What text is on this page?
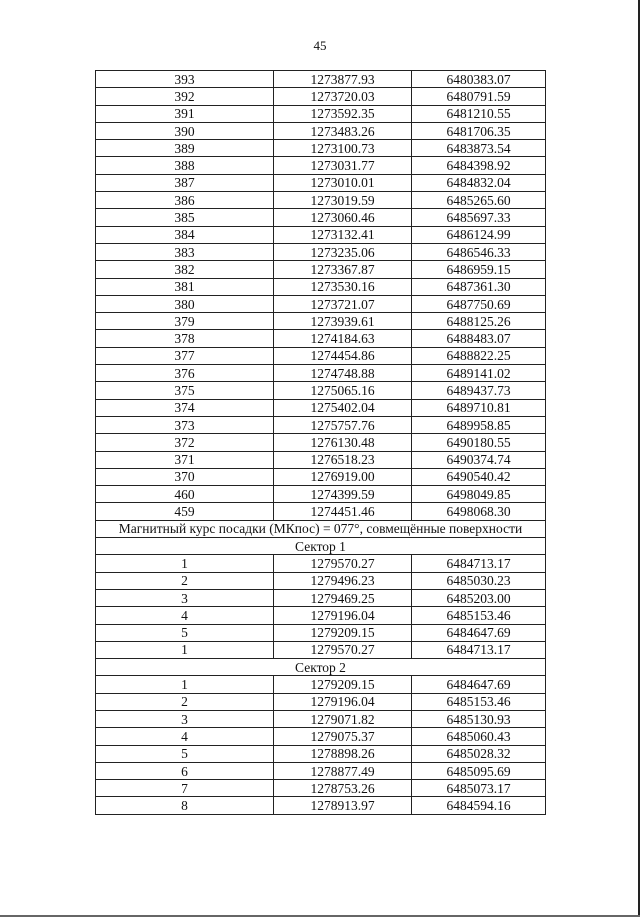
45
393	1273877.93	6480383.07
392	1273720.03	6480791.59
391	1273592.35	6481210.55
390	1273483.26	6481706.35
389	1273100.73	6483873.54
388	1273031.77	6484398.92
387	1273010.01	6484832.04
386	1273019.59	6485265.60
385	1273060.46	6485697.33
384	1273132.41	6486124.99
383	1273235.06	6486546.33
382	1273367.87	6486959.15
381	1273530.16	6487361.30
380	1273721.07	6487750.69
379	1273939.61	6488125.26
378	1274184.63	6488483.07
377	1274454.86	6488822.25
376	1274748.88	6489141.02
375	1275065.16	6489437.73
374	1275402.04	6489710.81
373	1275757.76	6489958.85
372	1276130.48	6490180.55
371	1276518.23	6490374.74
370	1276919.00	6490540.42
460	1274399.59	6498049.85
459	1274451.46	6498068.30
Магнитный курс посадки (МКпос) = 077°, совмещённые поверхности		
Сектор 1		
1	1279570.27	6484713.17
2	1279496.23	6485030.23
3	1279469.25	6485203.00
4	1279196.04	6485153.46
5	1279209.15	6484647.69
1	1279570.27	6484713.17
Сектор 2		
1	1279209.15	6484647.69
2	1279196.04	6485153.46
3	1279071.82	6485130.93
4	1279075.37	6485060.43
5	1278898.26	6485028.32
6	1278877.49	6485095.69
7	1278753.26	6485073.17
8	1278913.97	6484594.16
